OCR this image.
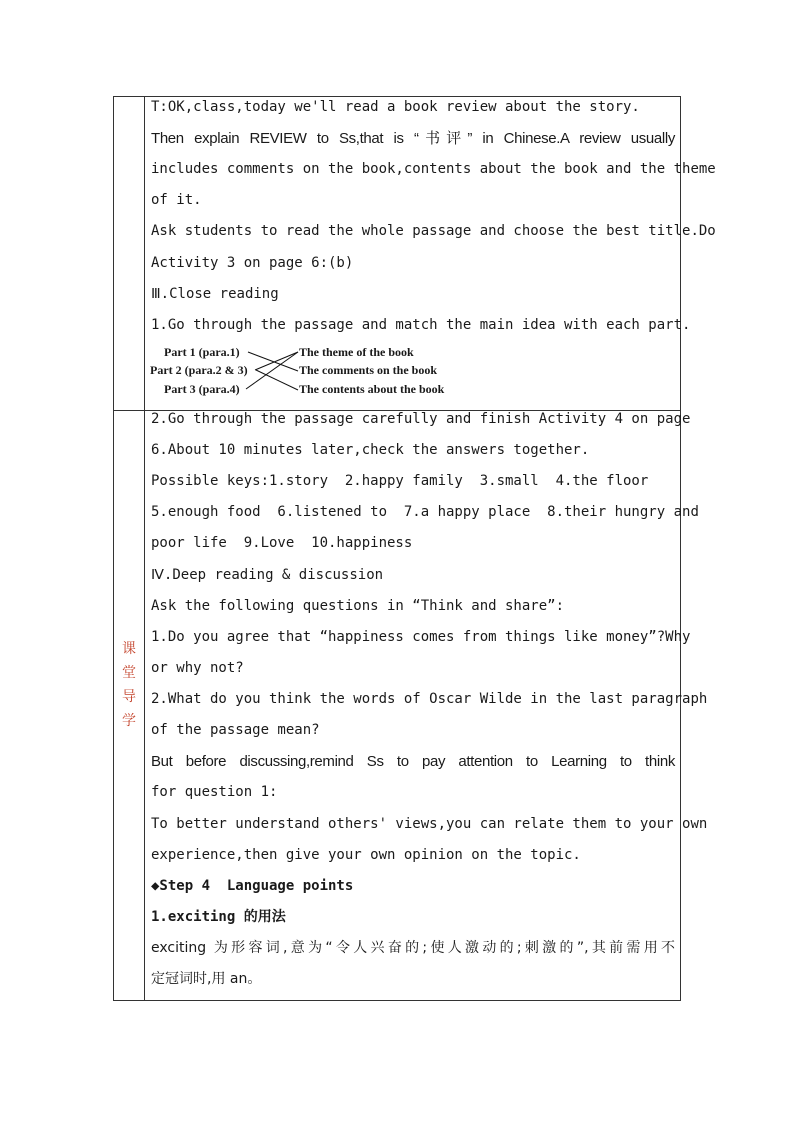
课
堂
导
学
T:OK,class,today we'll read a book review about the story.
Then explain REVIEW to Ss,that is “书评” in Chinese.A review usually
includes comments on the book,contents about the book and the theme
of it.
Ask students to read the whole passage and choose the best title.Do
Activity 3 on page 6:(b)
Ⅲ.Close reading
1.Go through the passage and match the main idea with each part.
Part 1 (para.1)
Part 2 (para.2 & 3)
Part 3 (para.4)
The theme of the book
The comments on the book
The contents about the book
2.Go through the passage carefully and finish Activity 4 on page
6.About 10 minutes later,check the answers together.
Possible keys:1.story  2.happy family  3.small  4.the floor
5.enough food  6.listened to  7.a happy place  8.their hungry and
poor life  9.Love  10.happiness
Ⅳ.Deep reading & discussion
Ask the following questions in “Think and share”:
1.Do you agree that “happiness comes from things like money”?Why
or why not?
2.What do you think the words of Oscar Wilde in the last paragraph
of the passage mean?
But before discussing,remind Ss to pay attention to Learning to think
for question 1:
To better understand others' views,you can relate them to your own
experience,then give your own opinion on the topic.
◆Step 4  Language points
1.exciting 的用法
exciting 为形容词,意为“令人兴奋的;使人激动的;刺激的”,其前需用不
定冠词时,用 an。
